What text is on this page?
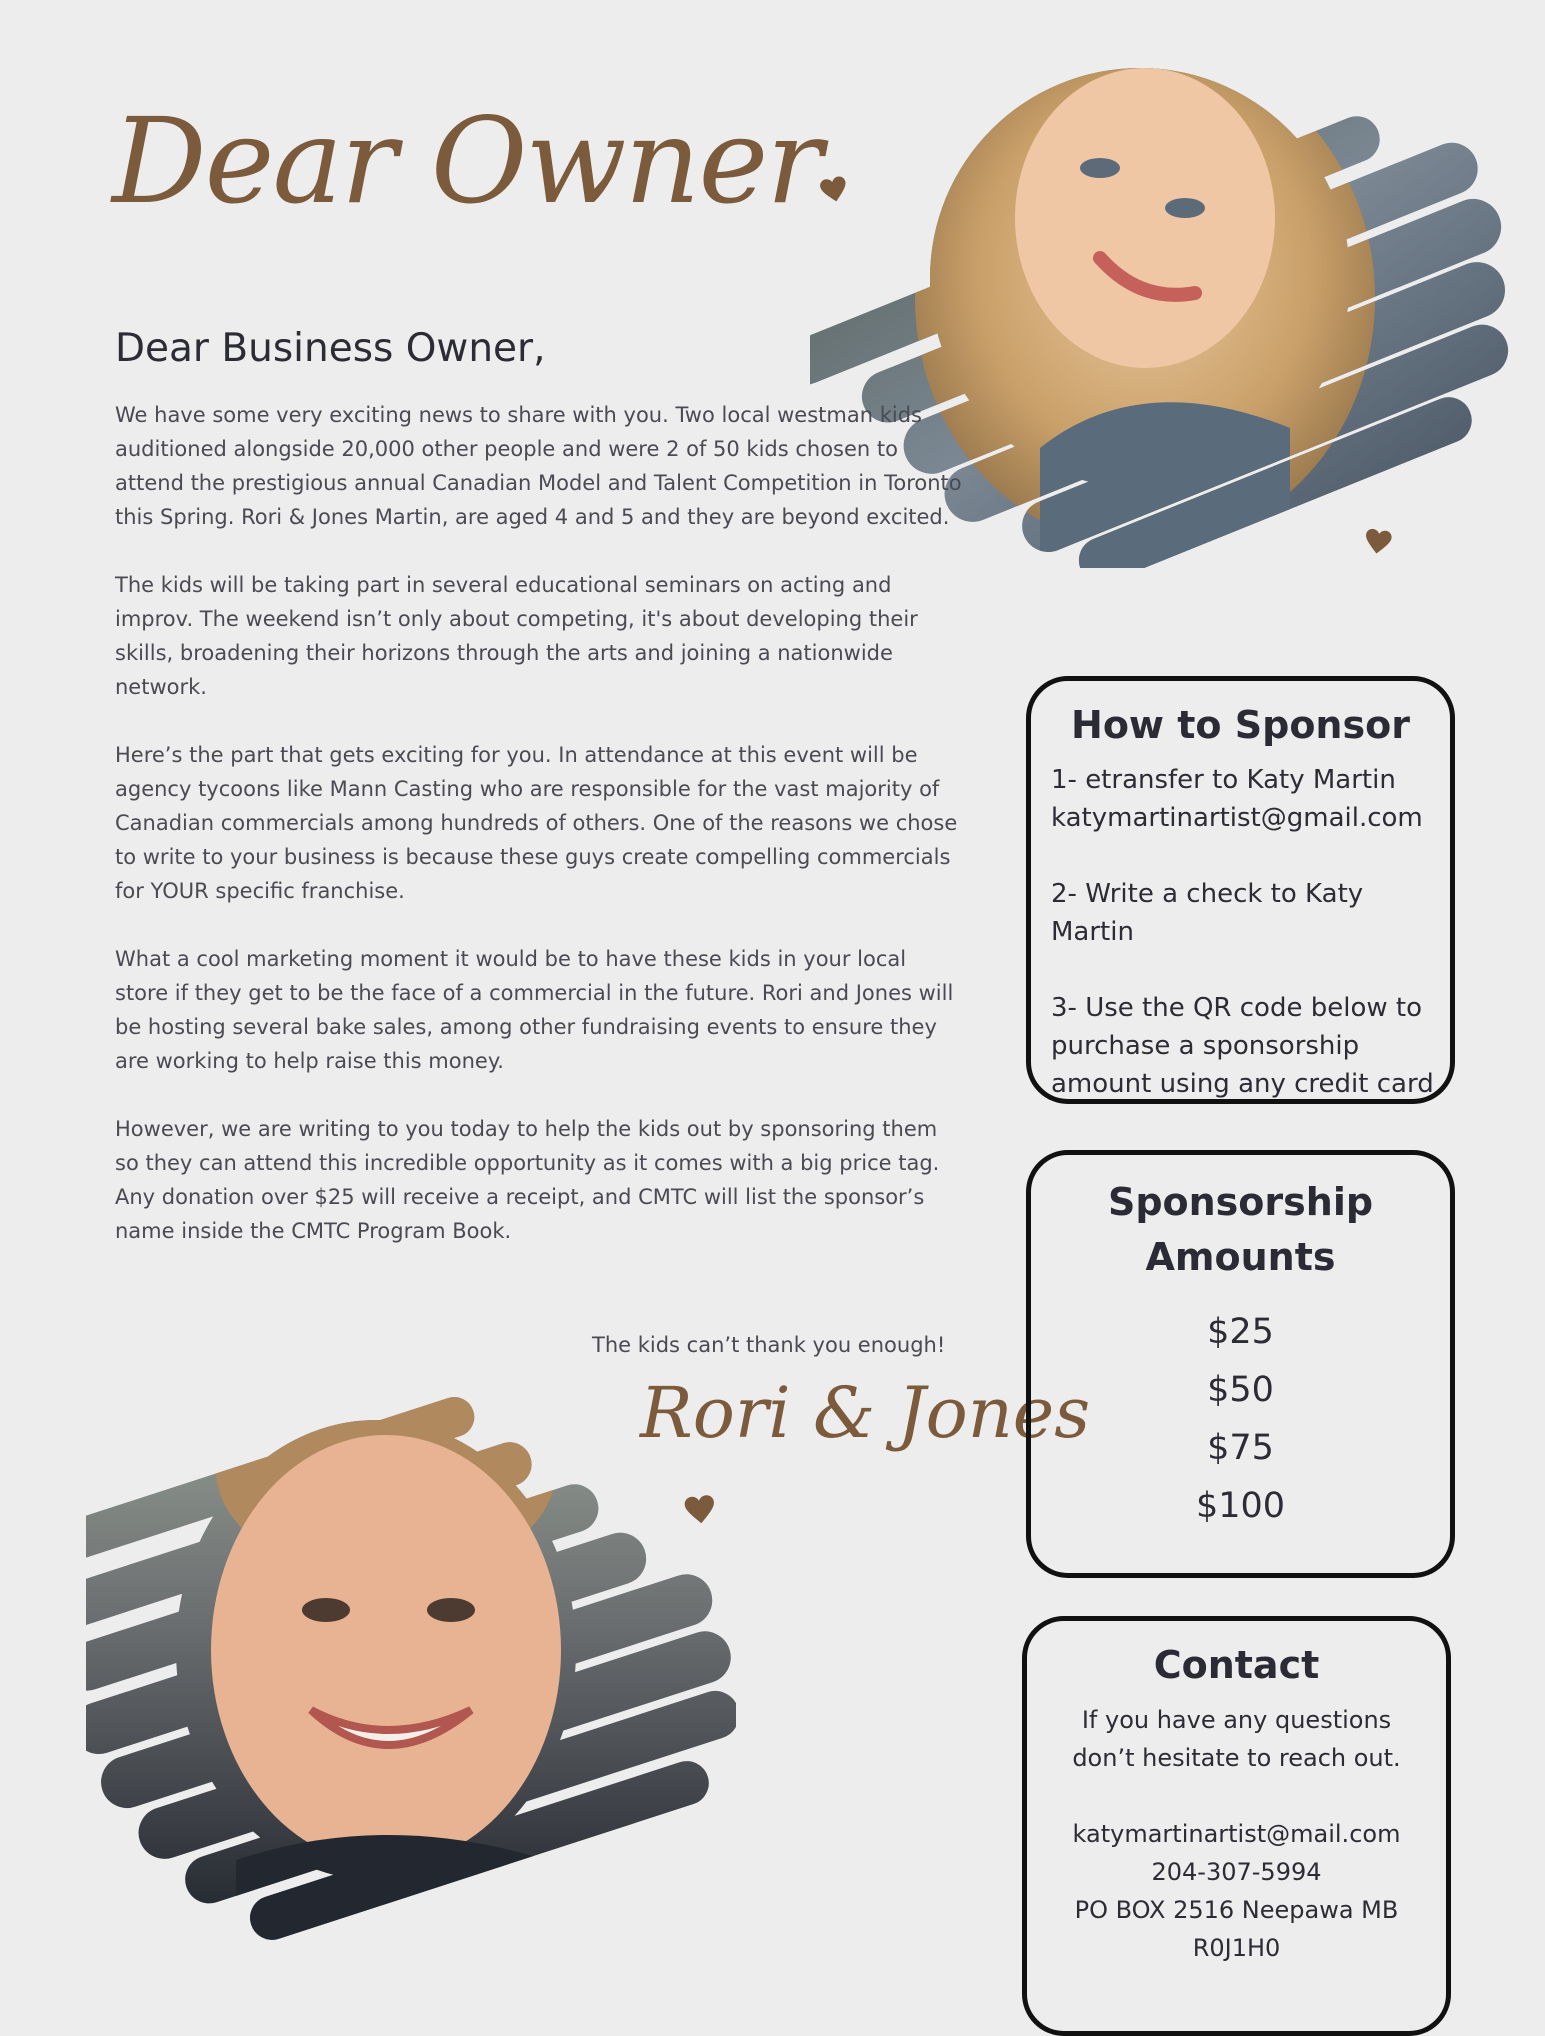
Dear Owner
Dear Business Owner,

We have some very exciting news to share with you. Two local westman kids auditioned alongside 20,000 other people and were 2 of 50 kids chosen to attend the prestigious annual Canadian Model and Talent Competition in Toronto this Spring. Rori & Jones Martin, are aged 4 and 5 and they are beyond excited.

The kids will be taking part in several educational seminars on acting and improv. The weekend isn’t only about competing, it's about developing their skills, broadening their horizons through the arts and joining a nationwide network.

Here’s the part that gets exciting for you. In attendance at this event will be agency tycoons like Mann Casting who are responsible for the vast majority of Canadian commercials among hundreds of others. One of the reasons we chose to write to your business is because these guys create compelling commercials for YOUR specific franchise.

What a cool marketing moment it would be to have these kids in your local store if they get to be the face of a commercial in the future. Rori and Jones will be hosting several bake sales, among other fundraising events to ensure they are working to help raise this money.

However, we are writing to you today to help the kids out by sponsoring them so they can attend this incredible opportunity as it comes with a big price tag. Any donation over $25 will receive a receipt, and CMTC will list the sponsor’s name inside the CMTC Program Book.

The kids can’t thank you enough!
Rori & Jones
How to Sponsor
1- etransfer to Katy Martin
katymartinartist@gmail.com
2- Write a check to Katy Martin
3- Use the QR code below to
purchase a sponsorship
amount using any credit card
Sponsorship
Amounts
$25
$50
$75
$100
Contact
If you have any questions
don’t hesitate to reach out.
katymartinartist@mail.com
204-307-5994
PO BOX 2516 Neepawa MB
R0J1H0
